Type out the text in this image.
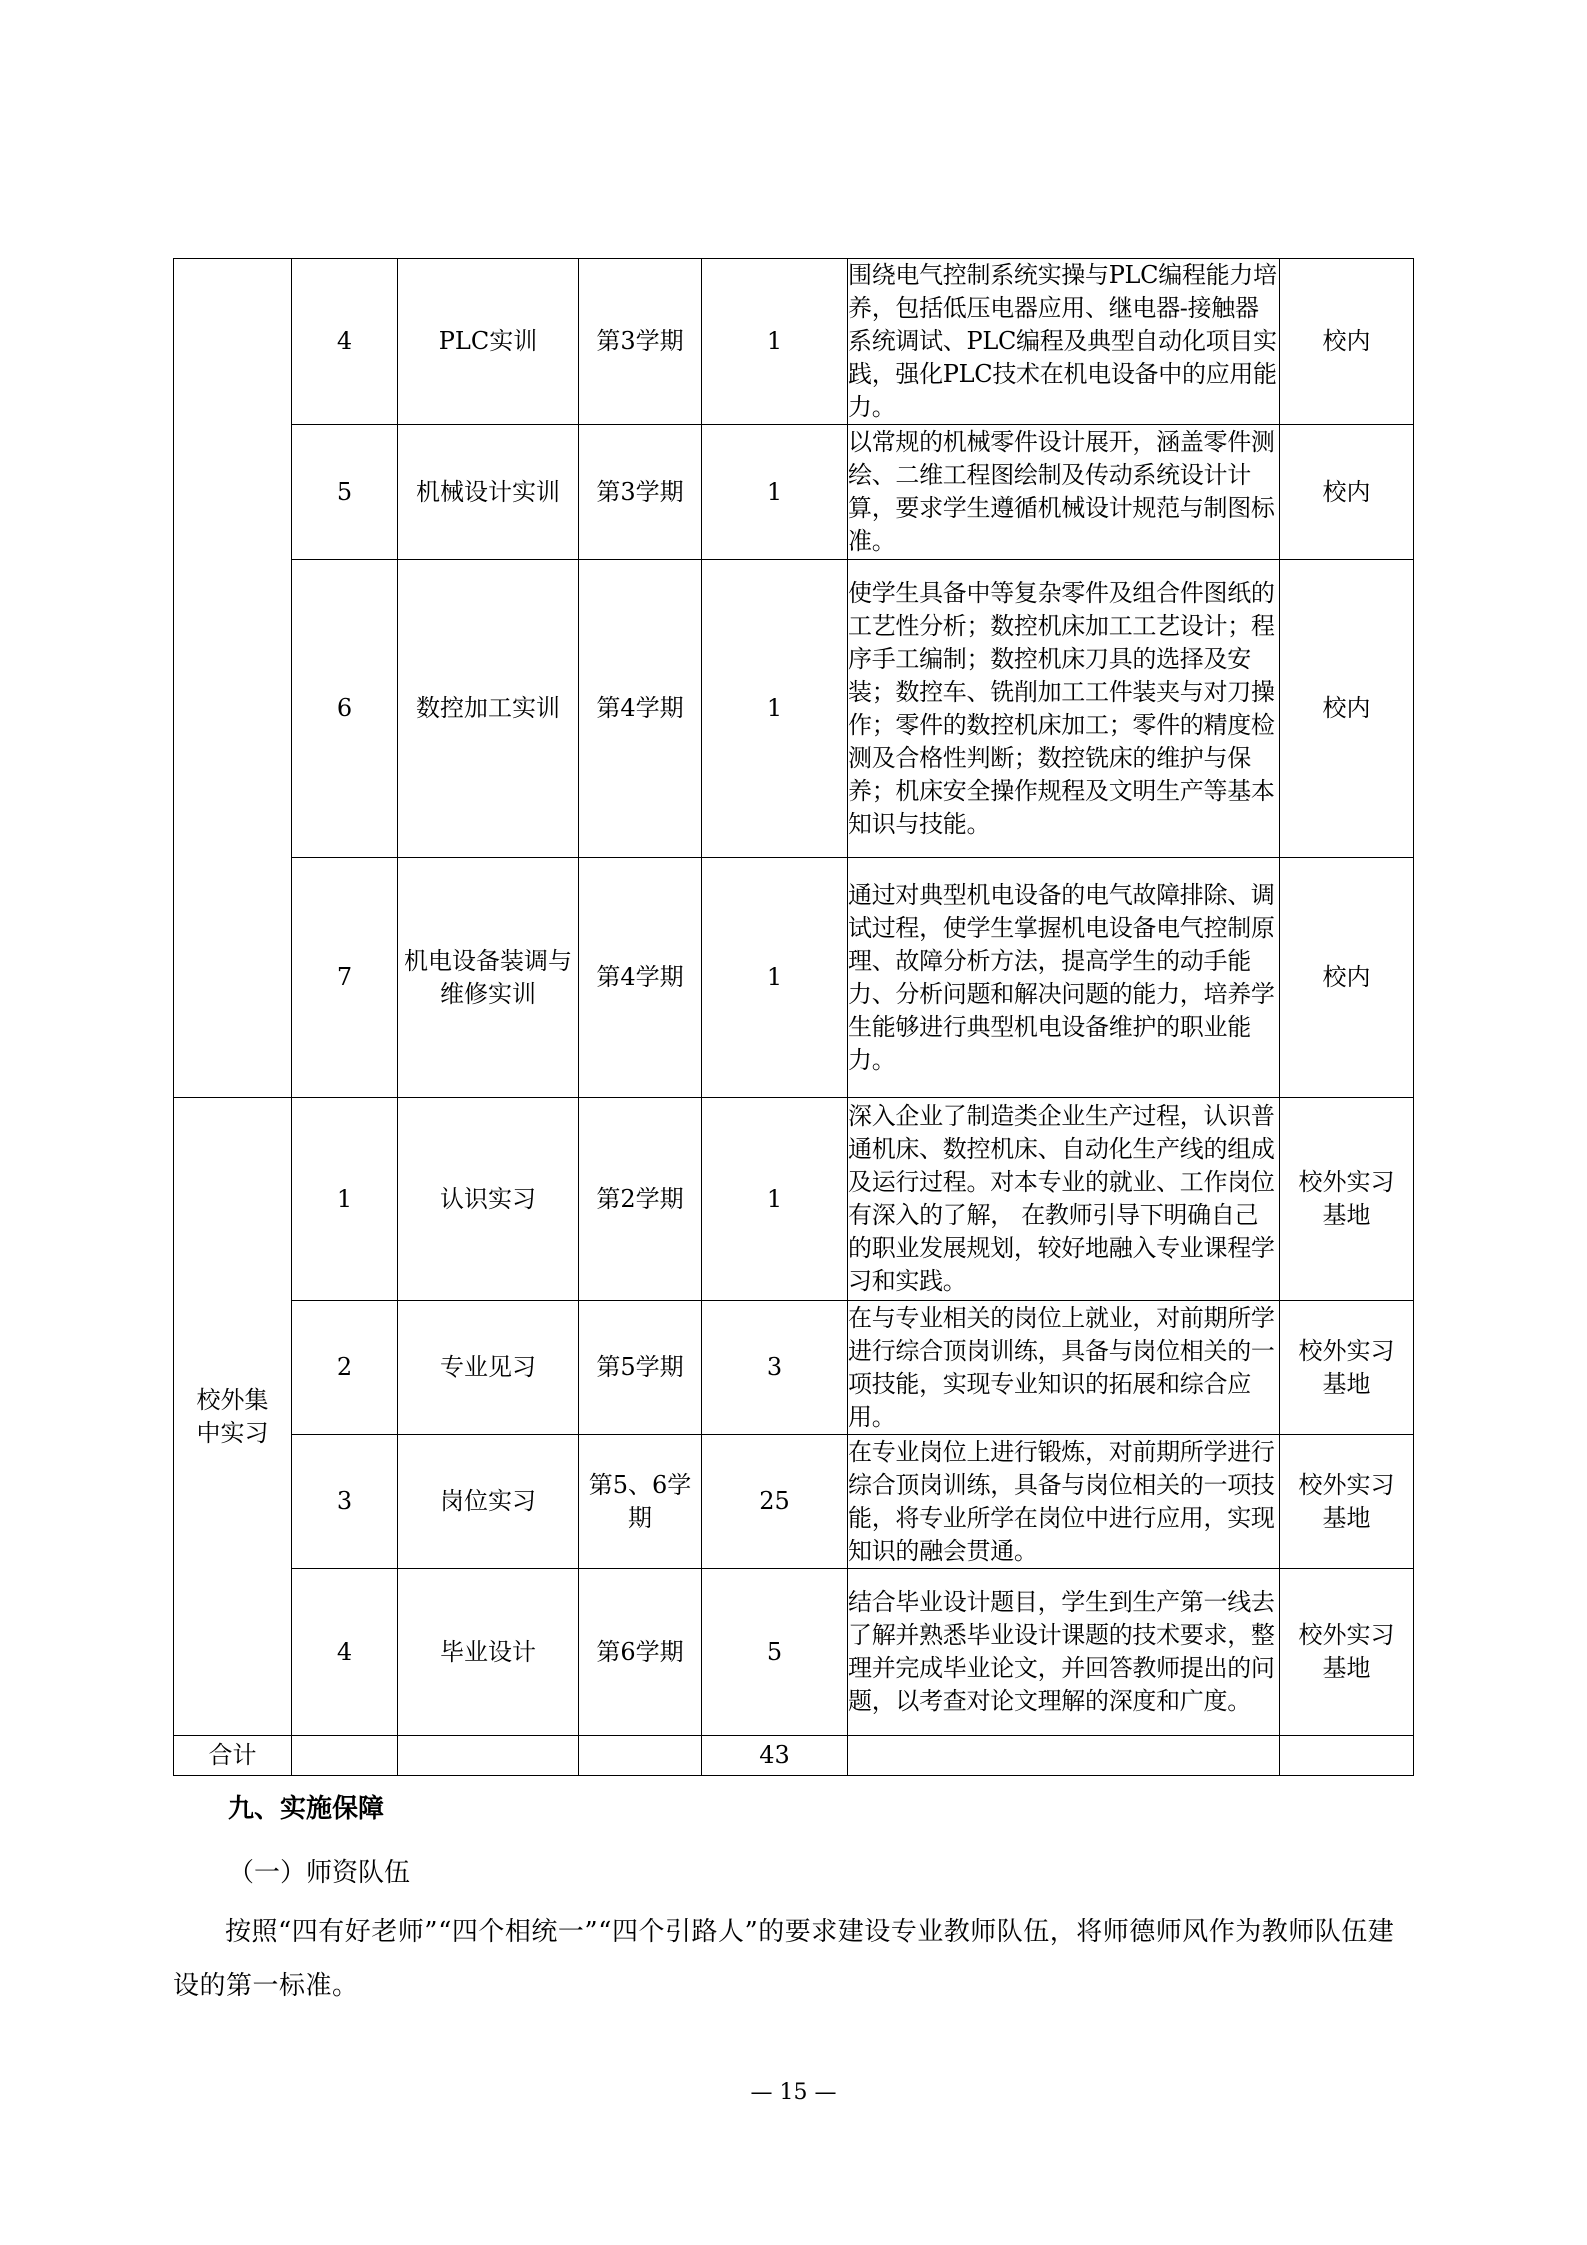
	4	PLC实训	第3学期	1	围绕电气控制系统实操与PLC编程能力培养，包括低压电器应用、继电器-接触器系统调试、PLC编程及典型自动化项目实践，强化PLC技术在机电设备中的应用能力。	校内
	5	机械设计实训	第3学期	1	以常规的机械零件设计展开，涵盖零件测绘、二维工程图绘制及传动系统设计计算，要求学生遵循机械设计规范与制图标准。	校内
	6	数控加工实训	第4学期	1	使学生具备中等复杂零件及组合件图纸的工艺性分析；数控机床加工工艺设计；程序手工编制；数控机床刀具的选择及安装；数控车、铣削加工工件装夹与对刀操作；零件的数控机床加工；零件的精度检测及合格性判断；数控铣床的维护与保养；机床安全操作规程及文明生产等基本知识与技能。	校内
	7	机电设备装调与维修实训	第4学期	1	通过对典型机电设备的电气故障排除、调试过程，使学生掌握机电设备电气控制原理、故障分析方法，提高学生的动手能力、分析问题和解决问题的能力，培养学生能够进行典型机电设备维护的职业能力。	校内
校外集中实习	1	认识实习	第2学期	1	深入企业了制造类企业生产过程，认识普通机床、数控机床、自动化生产线的组成及运行过程。对本专业的就业、工作岗位有深入的了解， 在教师引导下明确自己的职业发展规划，较好地融入专业课程学习和实践。	校外实习基地
	2	专业见习	第5学期	3	在与专业相关的岗位上就业，对前期所学进行综合顶岗训练，具备与岗位相关的一项技能，实现专业知识的拓展和综合应用。	校外实习基地
	3	岗位实习	第5、6学期	25	在专业岗位上进行锻炼，对前期所学进行综合顶岗训练，具备与岗位相关的一项技能，将专业所学在岗位中进行应用，实现知识的融会贯通。	校外实习基地
	4	毕业设计	第6学期	5	结合毕业设计题目，学生到生产第一线去了解并熟悉毕业设计课题的技术要求，整理并完成毕业论文，并回答教师提出的问题，以考查对论文理解的深度和广度。	校外实习基地
合计				43		
九、实施保障
（一）师资队伍
按照“四有好老师”“四个相统一”“四个引路人”的要求建设专业教师队伍，将师德师风作为教师队伍建设的第一标准。
— 15 —
